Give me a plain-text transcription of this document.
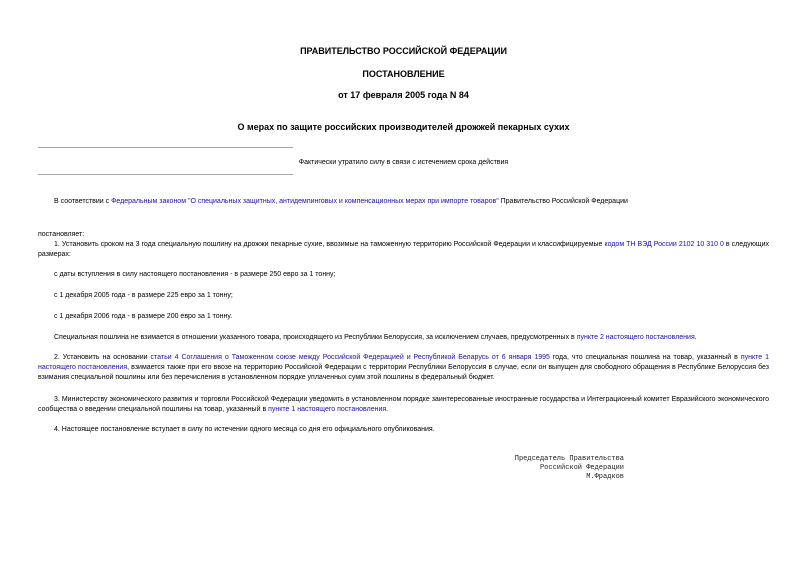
ПРАВИТЕЛЬСТВО РОССИЙСКОЙ ФЕДЕРАЦИИ
ПОСТАНОВЛЕНИЕ
от 17 февраля 2005 года N 84
О мерах по защите российских производителей дрожжей пекарных сухих
Фактически утратило силу в связи с истечением срока действия
В соответствии с Федеральным законом "О специальных защитных, антидемпинговых и компенсационных мерах при импорте товаров" Правительство Российской Федерации
постановляет:
1. Установить сроком на 3 года специальную пошлину на дрожжи пекарные сухие, ввозимые на таможенную территорию Российской Федерации и классифицируемые кодом ТН ВЭД России 2102 10 310 0 в следующих размерах:
с даты вступления в силу настоящего постановления - в размере 250 евро за 1 тонну;
с 1 декабря 2005 года - в размере 225 евро за 1 тонну;
с 1 декабря 2006 года - в размере 200 евро за 1 тонну.
Специальная пошлина не взимается в отношении указанного товара, происходящего из Республики Белоруссия, за исключением случаев, предусмотренных в пункте 2 настоящего постановления.
2. Установить на основании статьи 4 Соглашения о Таможенном союзе между Российской Федерацией и Республикой Беларусь от 6 января 1995 года, что специальная пошлина на товар, указанный в пункте 1 настоящего постановления, взимается также при его ввозе на территорию Российской Федерации с территории Республики Белоруссия в случае, если он выпущен для свободного обращения в Республике Белоруссия без взимания специальной пошлины или без перечисления в установленном порядке уплаченных сумм этой пошлины в федеральный бюджет.
3. Министерству экономического развития и торговли Российской Федерации уведомить в установленном порядке заинтересованные иностранные государства и Интеграционный комитет Евразийского экономического сообщества о введении специальной пошлины на товар, указанный в пункте 1 настоящего постановления.
4. Настоящее постановление вступает в силу по истечении одного месяца со дня его официального опубликования.
Председатель Правительства
Российской Федерации
М.Фрадков
